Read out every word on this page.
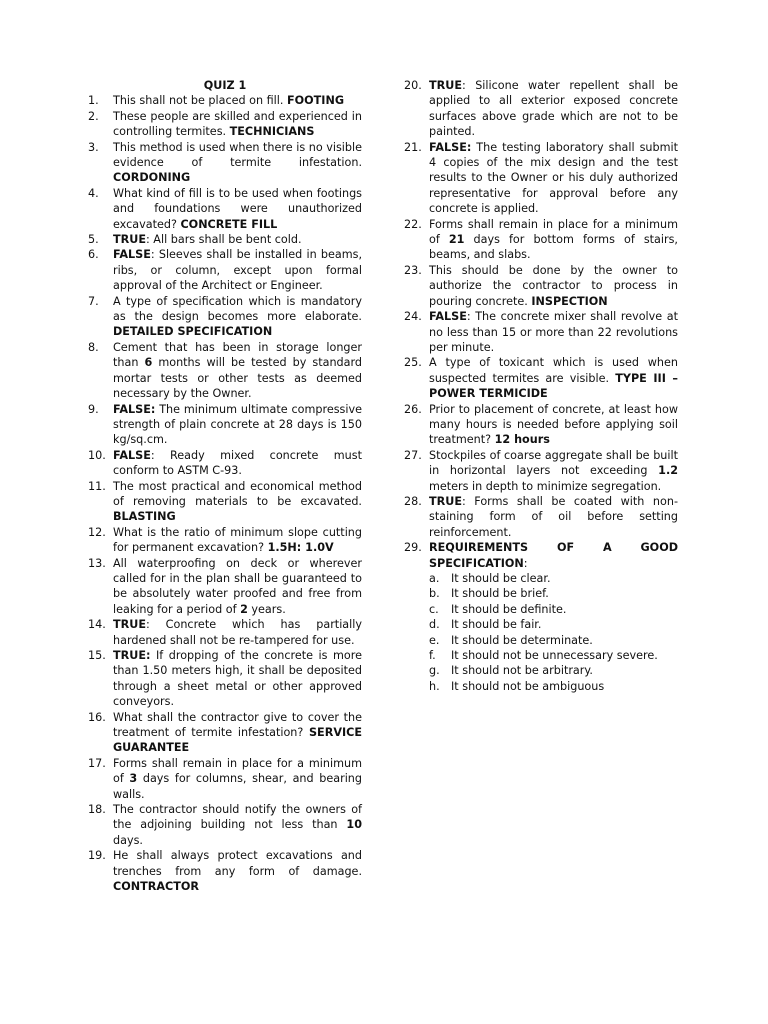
QUIZ 1
1. This shall not be placed on fill. FOOTING
2. These people are skilled and experienced in controlling termites. TECHNICIANS
3. This method is used when there is no visible evidence of termite infestation. CORDONING
4. What kind of fill is to be used when footings and foundations were unauthorized excavated? CONCRETE FILL
5. TRUE: All bars shall be bent cold.
6. FALSE: Sleeves shall be installed in beams, ribs, or column, except upon formal approval of the Architect or Engineer.
7. A type of specification which is mandatory as the design becomes more elaborate. DETAILED SPECIFICATION
8. Cement that has been in storage longer than 6 months will be tested by standard mortar tests or other tests as deemed necessary by the Owner.
9. FALSE: The minimum ultimate compressive strength of plain concrete at 28 days is 150 kg/sq.cm.
10. FALSE: Ready mixed concrete must conform to ASTM C-93.
11. The most practical and economical method of removing materials to be excavated. BLASTING
12. What is the ratio of minimum slope cutting for permanent excavation? 1.5H: 1.0V
13. All waterproofing on deck or wherever called for in the plan shall be guaranteed to be absolutely water proofed and free from leaking for a period of 2 years.
14. TRUE: Concrete which has partially hardened shall not be re-tampered for use.
15. TRUE: If dropping of the concrete is more than 1.50 meters high, it shall be deposited through a sheet metal or other approved conveyors.
16. What shall the contractor give to cover the treatment of termite infestation? SERVICE GUARANTEE
17. Forms shall remain in place for a minimum of 3 days for columns, shear, and bearing walls.
18. The contractor should notify the owners of the adjoining building not less than 10 days.
19. He shall always protect excavations and trenches from any form of damage. CONTRACTOR
20. TRUE: Silicone water repellent shall be applied to all exterior exposed concrete surfaces above grade which are not to be painted.
21. FALSE: The testing laboratory shall submit 4 copies of the mix design and the test results to the Owner or his duly authorized representative for approval before any concrete is applied.
22. Forms shall remain in place for a minimum of 21 days for bottom forms of stairs, beams, and slabs.
23. This should be done by the owner to authorize the contractor to process in pouring concrete. INSPECTION
24. FALSE: The concrete mixer shall revolve at no less than 15 or more than 22 revolutions per minute.
25. A type of toxicant which is used when suspected termites are visible. TYPE III – POWER TERMICIDE
26. Prior to placement of concrete, at least how many hours is needed before applying soil treatment? 12 hours
27. Stockpiles of coarse aggregate shall be built in horizontal layers not exceeding 1.2 meters in depth to minimize segregation.
28. TRUE: Forms shall be coated with non-staining form of oil before setting reinforcement.
29. REQUIREMENTS OF A GOOD SPECIFICATION:
a. It should be clear.
b. It should be brief.
c. It should be definite.
d. It should be fair.
e. It should be determinate.
f. It should not be unnecessary severe.
g. It should not be arbitrary.
h. It should not be ambiguous
